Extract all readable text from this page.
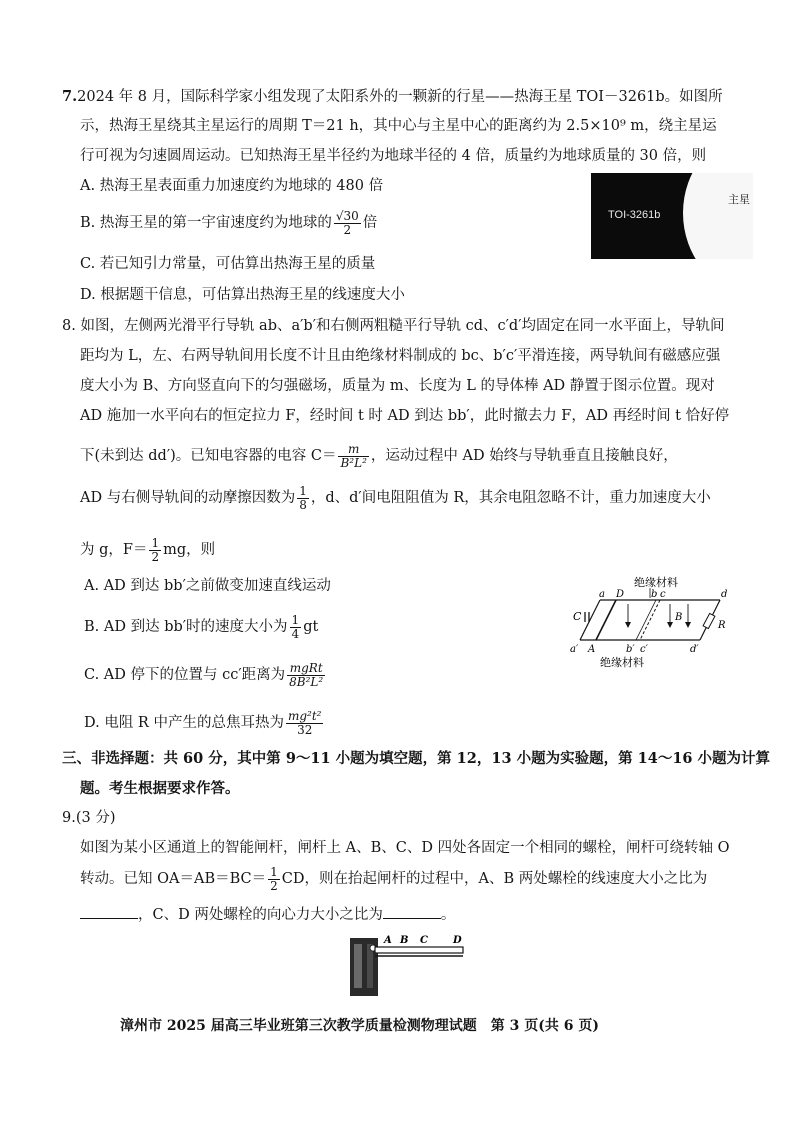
7.2024 年 8 月，国际科学家小组发现了太阳系外的一颗新的行星——热海王星 TOI－3261b。如图所
示，热海王星绕其主星运行的周期 T＝21 h，其中心与主星中心的距离约为 2.5×10⁹ m，绕主星运
行可视为匀速圆周运动。已知热海王星半径约为地球半径的 4 倍，质量约为地球质量的 30 倍，则
A. 热海王星表面重力加速度约为地球的 480 倍
B. 热海王星的第一宇宙速度约为地球的 $\frac{√30}{2}$ 倍
C. 若已知引力常量，可估算出热海王星的质量
D. 根据题干信息，可估算出热海王星的线速度大小
TOI-3261b
主星
8. 如图，左侧两光滑平行导轨 ab、a′b′和右侧两粗糙平行导轨 cd、c′d′均固定在同一水平面上，导轨间
距均为 L，左、右两导轨间用长度不计且由绝缘材料制成的 bc、b′c′平滑连接，两导轨间有磁感应强
度大小为 B、方向竖直向下的匀强磁场，质量为 m、长度为 L 的导体棒 AD 静置于图示位置。现对
AD 施加一水平向右的恒定拉力 F，经时间 t 时 AD 到达 bb′，此时撤去力 F，AD 再经时间 t 恰好停
下(未到达 dd′)。已知电容器的电容 $C= \frac{m}{\text{B²L²}}$ ，运动过程中 AD 始终与导轨垂直且接触良好，
AD 与右侧导轨间的动摩擦因数为 $\frac{1}{8}$ ，d、d′间电阻阻值为 R，其余电阻忽略不计，重力加速度大小
为 g，$F= \frac{1}{2}$ mg，则
A. AD 到达 bb′之前做变加速直线运动
B. AD 到达 bb′时的速度大小为 $\frac{1}{4}$ gt
C. AD 停下的位置与 cc′距离为 $\frac{\text{mgRt}}{\text{8B²L²}}$
D. 电阻 R 中产生的总焦耳热为 $\frac{\text{mg²t²}}{32}$
绝缘材料
C
a D	b c
B
d
R
a′ A	b′ c′	d′
绝缘材料
三、非选择题：共 60 分，其中第 9～11 小题为填空题，第 12，13 小题为实验题，第 14～16 小题为计算
题。考生根据要求作答。
9.(3 分)
如图为某小区通道上的智能闸杆，闸杆上 A、B、C、D 四处各固定一个相同的螺栓，闸杆可绕转轴 O
转动。已知 $OA=AB=BC= \frac{1}{2}$ CD，则在抬起闸杆的过程中，A、B 两处螺栓的线速度大小之比为
，C、D 两处螺栓的向心力大小之比为	。
A B C	D
漳州市 2025 届高三毕业班第三次教学质量检测物理试题　第 3 页(共 6 页)
